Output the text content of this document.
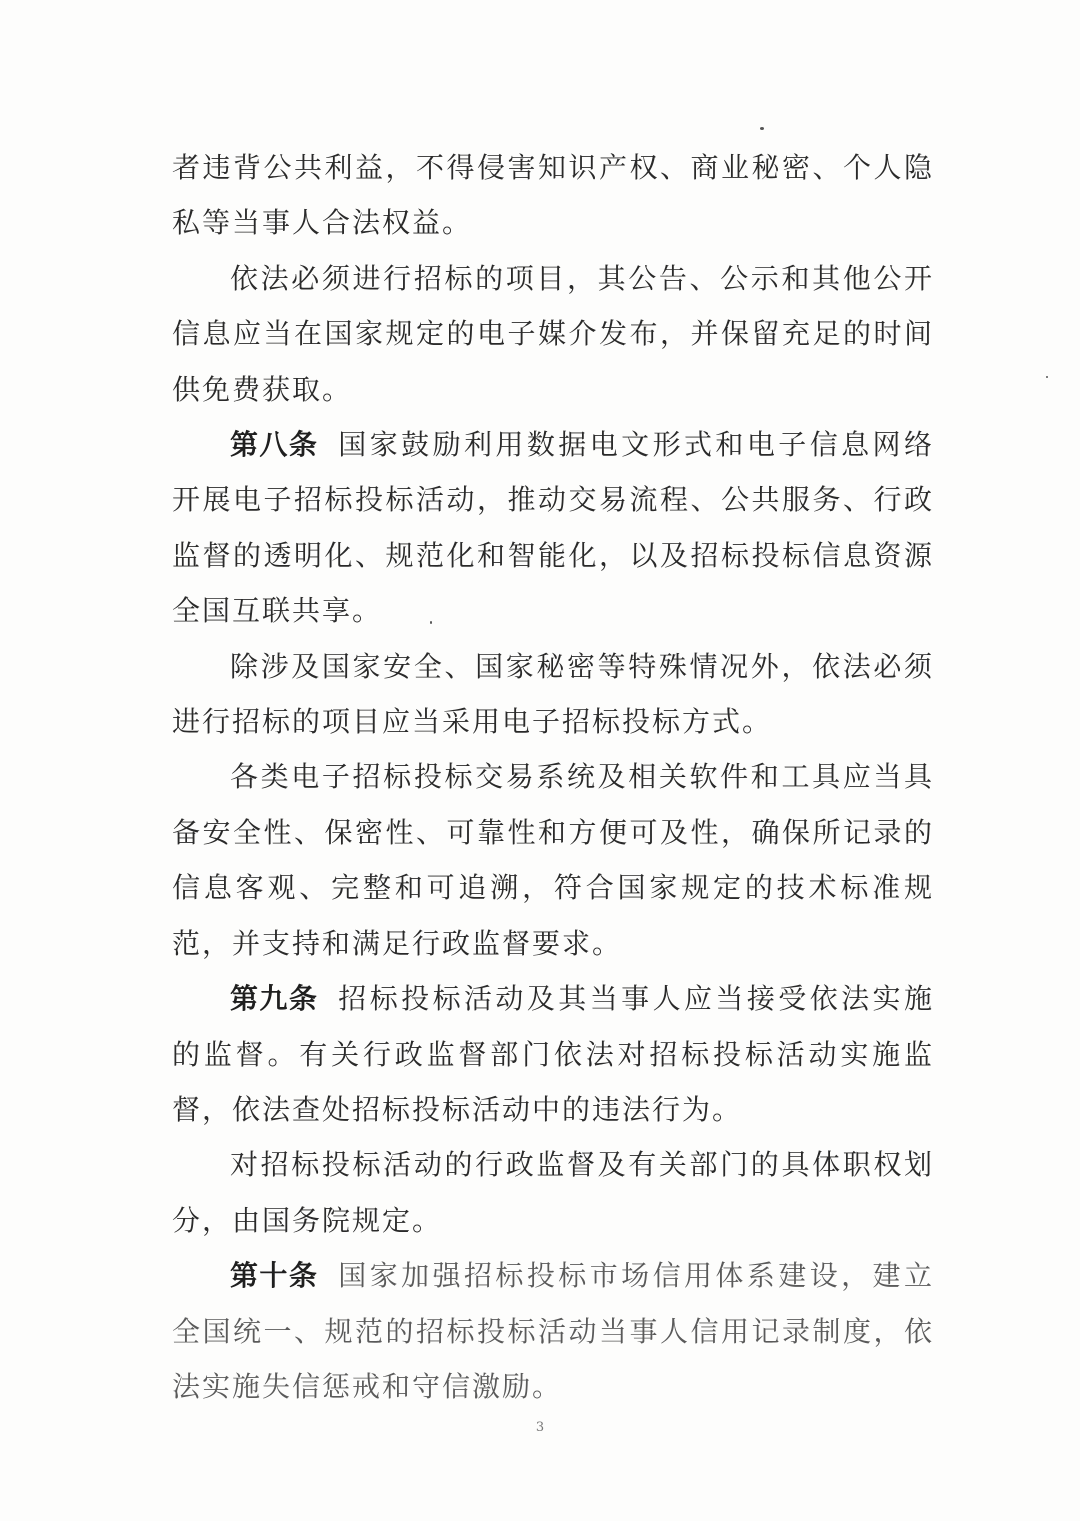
者违背公共利益，不得侵害知识产权、商业秘密、个人隐私等当事人合法权益。

依法必须进行招标的项目，其公告、公示和其他公开信息应当在国家规定的电子媒介发布，并保留充足的时间供免费获取。

第八条 国家鼓励利用数据电文形式和电子信息网络开展电子招标投标活动，推动交易流程、公共服务、行政监督的透明化、规范化和智能化，以及招标投标信息资源全国互联共享。

除涉及国家安全、国家秘密等特殊情况外，依法必须进行招标的项目应当采用电子招标投标方式。

各类电子招标投标交易系统及相关软件和工具应当具备安全性、保密性、可靠性和方便可及性，确保所记录的信息客观、完整和可追溯，符合国家规定的技术标准规范，并支持和满足行政监督要求。

第九条 招标投标活动及其当事人应当接受依法实施的监督。有关行政监督部门依法对招标投标活动实施监督，依法查处招标投标活动中的违法行为。

对招标投标活动的行政监督及有关部门的具体职权划分，由国务院规定。

第十条 国家加强招标投标市场信用体系建设，建立全国统一、规范的招标投标活动当事人信用记录制度，依法实施失信惩戒和守信激励。

3
